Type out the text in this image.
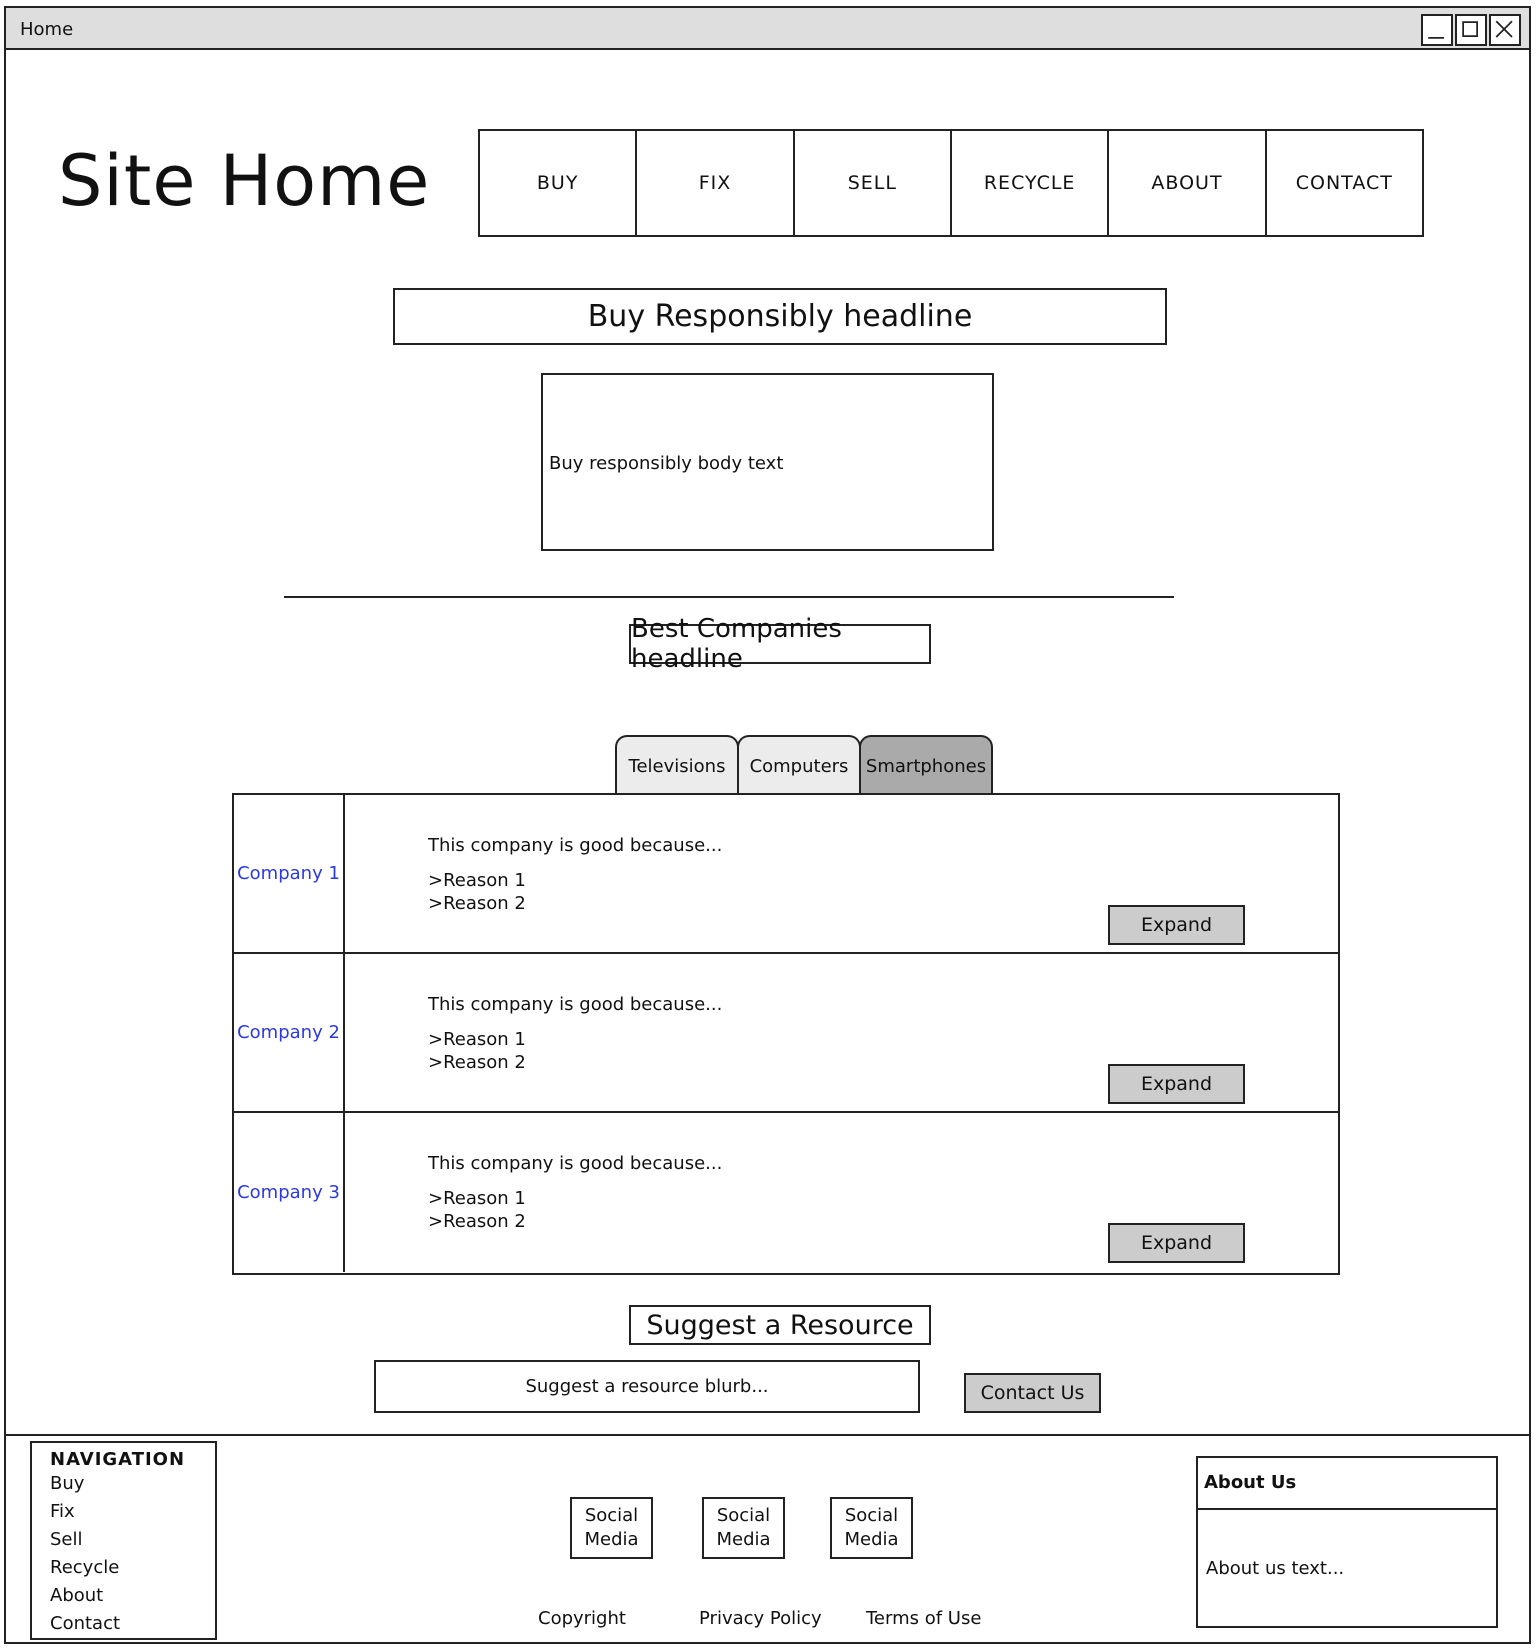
Home
Site Home	BUY	FIX	SELL	RECYCLE	ABOUT	CONTACT
Buy Responsibly headline
Buy responsibly body text
Best Companies headline
Televisions	Computers Smartphones
Company 1
This company is good because...
>Reason 1
>Reason 2
Expand
Company 2
This company is good because...
>Reason 1
>Reason 2
Expand
Company 3
This company is good because...
>Reason 1
>Reason 2
Expand
Suggest a Resource
Suggest a resource blurb...	Contact Us
NAVIGATION
Buy
Fix
Sell
Recycle
About
Contact
Social
Media
Social
Media
Social
Media
Copyright	Privacy Policy Terms of Use
About Us
About us text...
